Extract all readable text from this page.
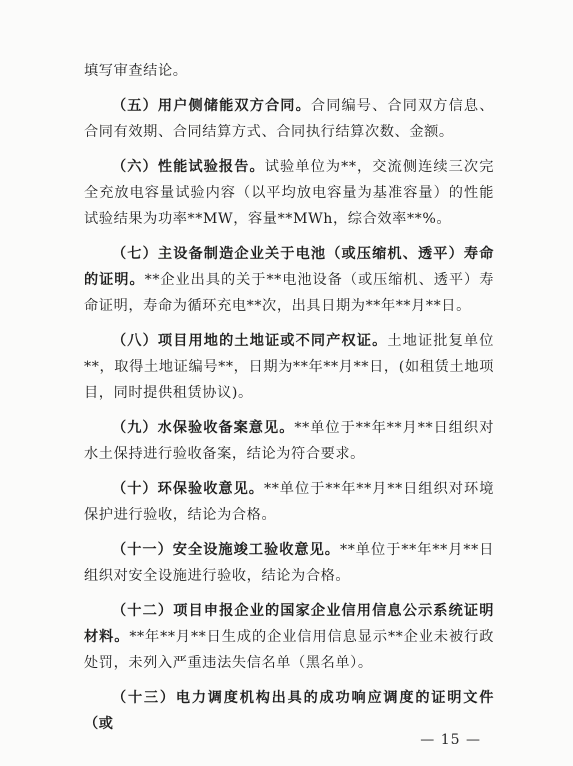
填写审查结论。

（五）用户侧储能双方合同。合同编号、合同双方信息、合同有效期、合同结算方式、合同执行结算次数、金额。

（六）性能试验报告。试验单位为**，交流侧连续三次完全充放电容量试验内容（以平均放电容量为基准容量）的性能试验结果为功率**MW，容量**MWh，综合效率**%。

（七）主设备制造企业关于电池（或压缩机、透平）寿命的证明。**企业出具的关于**电池设备（或压缩机、透平）寿命证明，寿命为循环充电**次，出具日期为**年**月**日。

（八）项目用地的土地证或不同产权证。土地证批复单位**，取得土地证编号**，日期为**年**月**日，(如租赁土地项目，同时提供租赁协议)。

（九）水保验收备案意见。**单位于**年**月**日组织对水土保持进行验收备案，结论为符合要求。

（十）环保验收意见。**单位于**年**月**日组织对环境保护进行验收，结论为合格。

（十一）安全设施竣工验收意见。**单位于**年**月**日组织对安全设施进行验收，结论为合格。

（十二）项目申报企业的国家企业信用信息公示系统证明材料。**年**月**日生成的企业信用信息显示**企业未被行政处罚，未列入严重违法失信名单（黑名单）。

（十三）电力调度机构出具的成功响应调度的证明文件（或

— 15 —
